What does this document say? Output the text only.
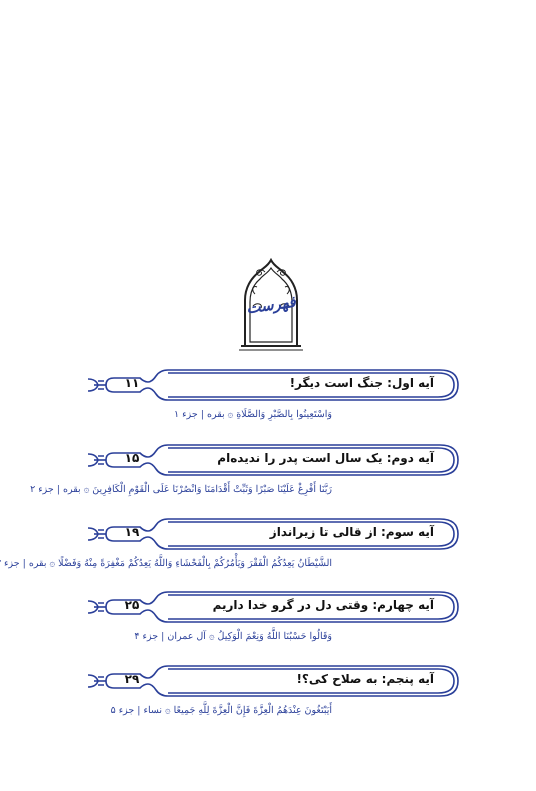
فهرست
۱۱	آیه اول: جنگ است دیگر!
وَاسْتَعِينُوا بِالصَّبْرِ وَالصَّلَاةِ ۞ بقره | جزء ۱
۱۵	آیه دوم: یک سال است پدر را ندیده‌ام
رَبَّنَا أَفْرِغْ عَلَيْنَا صَبْرًا وَثَبِّتْ أَقْدَامَنَا وَانْصُرْنَا عَلَى الْقَوْمِ الْكَافِرِينَ ۞ بقره | جزء ۲
۱۹	آیه سوم: از قالی تا زیرانداز
الشَّيْطَانُ يَعِدُكُمُ الْفَقْرَ وَيَأْمُرُكُمْ بِالْفَحْشَاءِ وَاللَّهُ يَعِدُكُمْ مَغْفِرَةً مِنْهُ وَفَضْلًا ۞ بقره | جزء
۲۵	آیه چهارم: وقتی دل در گرو خدا داریم
وَقَالُوا حَسْبُنَا اللَّهُ وَنِعْمَ الْوَكِيلُ ۞ آل عمران | جزء ۴
۲۹	آیه پنجم: به صلاح کی؟!
أَيَبْتَغُونَ عِنْدَهُمُ الْعِزَّةَ فَإِنَّ الْعِزَّةَ لِلَّهِ جَمِيعًا ۞ نساء | جزء ۵
